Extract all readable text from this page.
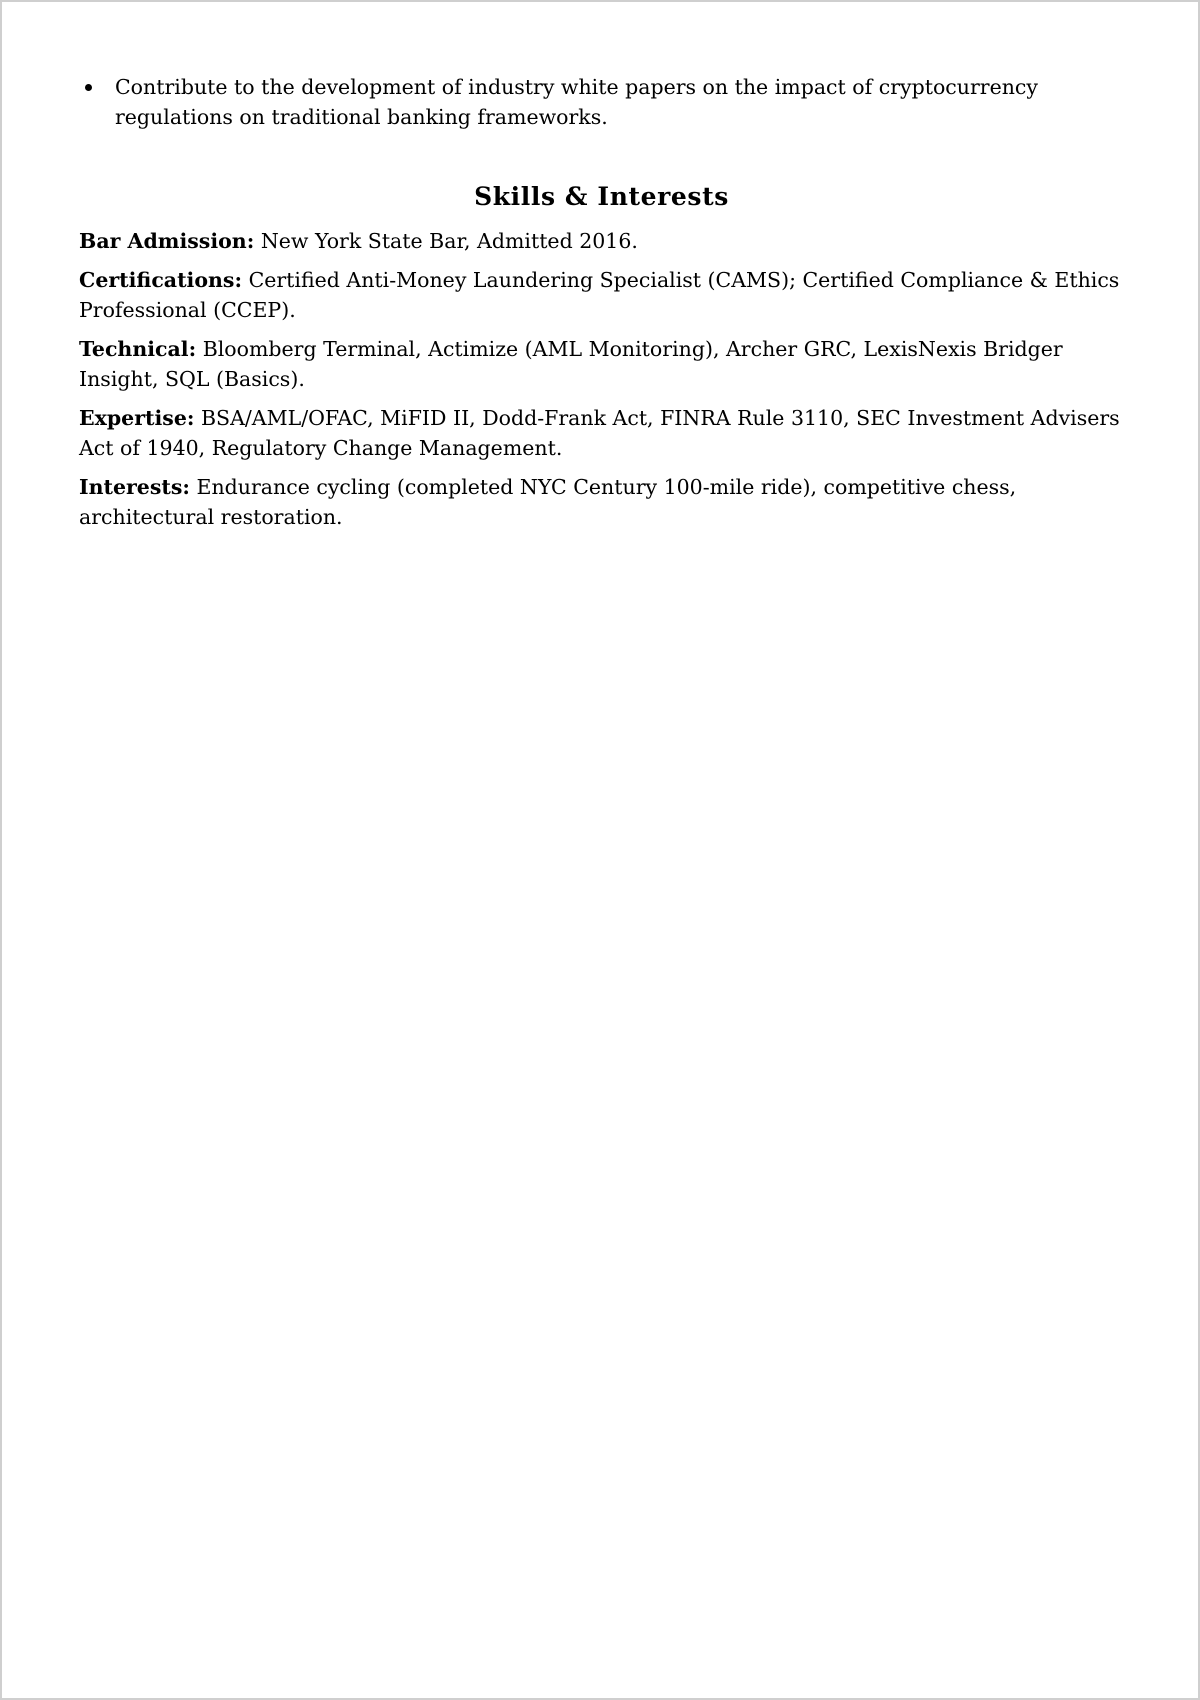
Contribute to the development of industry white papers on the impact of cryptocurrency regulations on traditional banking frameworks.
Skills & Interests

Bar Admission: New York State Bar, Admitted 2016.

Certifications: Certified Anti-Money Laundering Specialist (CAMS); Certified Compliance & Ethics Professional (CCEP).

Technical: Bloomberg Terminal, Actimize (AML Monitoring), Archer GRC, LexisNexis Bridger Insight, SQL (Basics).

Expertise: BSA/AML/OFAC, MiFID II, Dodd-Frank Act, FINRA Rule 3110, SEC Investment Advisers Act of 1940, Regulatory Change Management.

Interests: Endurance cycling (completed NYC Century 100-mile ride), competitive chess, architectural restoration.
